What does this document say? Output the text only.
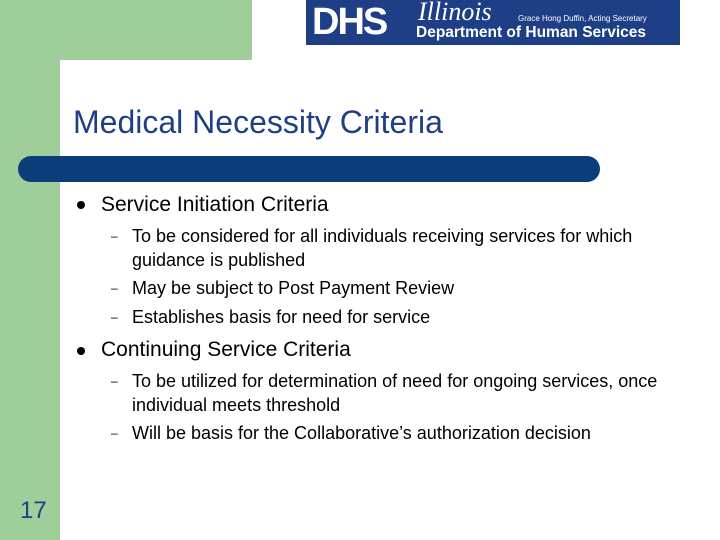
DHS Illinois	Grace Hong Duffin, Acting Secretary
Department of Human Services
Medical Necessity Criteria
Service Initiation Criteria
– To be considered for all individuals receiving services for which guidance is published
– May be subject to Post Payment Review
– Establishes basis for need for service
Continuing Service Criteria
– To be utilized for determination of need for ongoing services, once individual meets threshold
– Will be basis for the Collaborative’s authorization decision
17
